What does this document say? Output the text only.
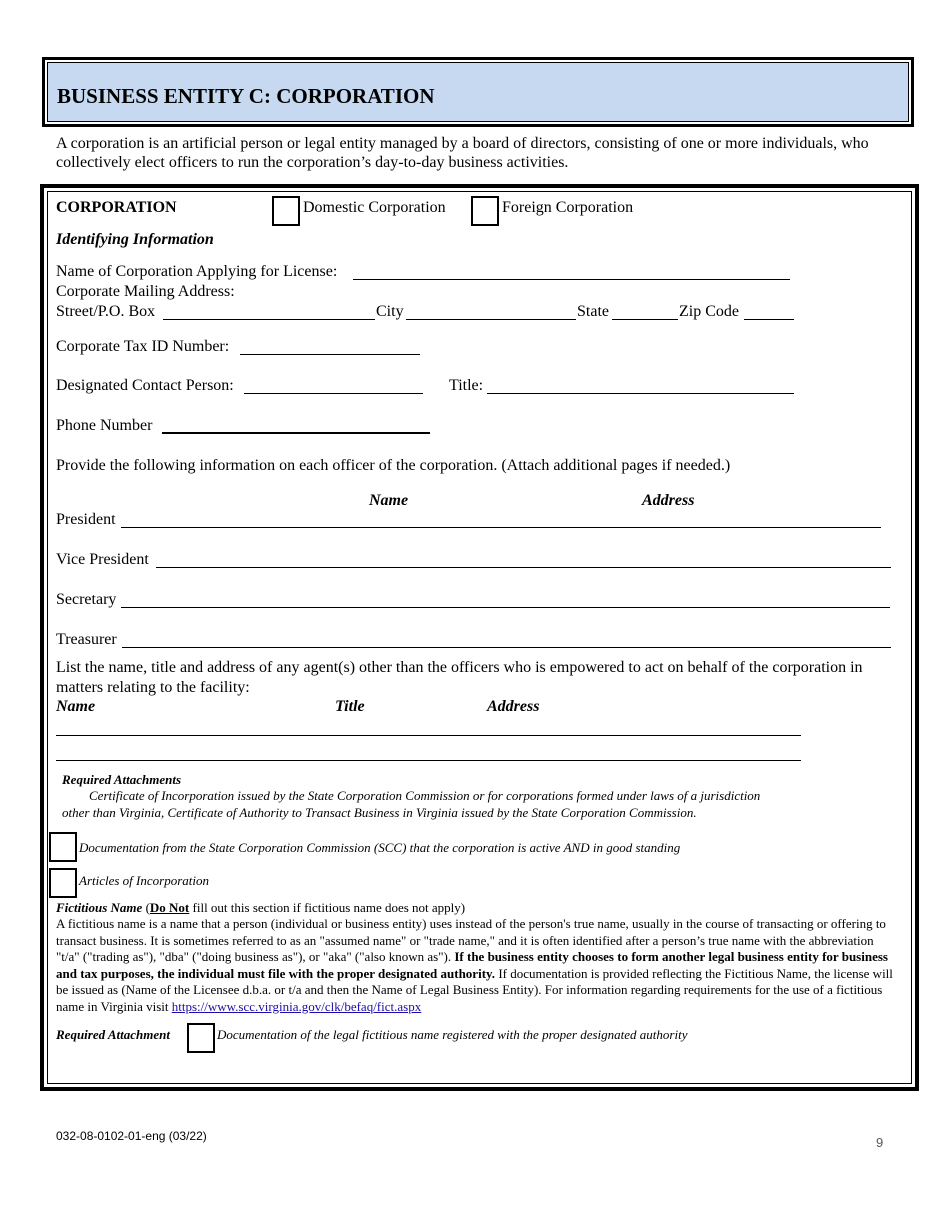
BUSINESS ENTITY C: CORPORATION
A corporation is an artificial person or legal entity managed by a board of directors, consisting of one or more individuals, who collectively elect officers to run the corporation’s day-to-day business activities.
CORPORATION	Domestic Corporation	Foreign Corporation
Identifying Information
Name of Corporation Applying for License:
Corporate Mailing Address:
Street/P.O. Box	City	State	Zip Code
Corporate Tax ID Number:
Designated Contact Person:	Title:
Phone Number
Provide the following information on each officer of the corporation. (Attach additional pages if needed.)
Name	Address
President
Vice President
Secretary
Treasurer
List the name, title and address of any agent(s) other than the officers who is empowered to act on behalf of the corporation in matters relating to the facility:
Name	Title	Address
Required Attachments
Certificate of Incorporation issued by the State Corporation Commission or for corporations formed under laws of a jurisdiction
other than Virginia, Certificate of Authority to Transact Business in Virginia issued by the State Corporation Commission.
Documentation from the State Corporation Commission (SCC) that the corporation is active AND in good standing
Articles of Incorporation
Fictitious Name (Do Not fill out this section if fictitious name does not apply)
A fictitious name is a name that a person (individual or business entity) uses instead of the person's true name, usually in the course of transacting or offering to transact business. It is sometimes referred to as an "assumed name" or "trade name," and it is often identified after a person’s true name with the abbreviation "t/a" ("trading as"), "dba" ("doing business as"), or "aka" ("also known as"). If the business entity chooses to form another legal business entity for business and tax purposes, the individual must file with the proper designated authority. If documentation is provided reflecting the Fictitious Name, the license will be issued as (Name of the Licensee d.b.a. or t/a and then the Name of Legal Business Entity). For information regarding requirements for the use of a fictitious name in Virginia visit https://www.scc.virginia.gov/clk/befaq/fict.aspx
Required Attachment	Documentation of the legal fictitious name registered with the proper designated authority
032-08-0102-01-eng (03/22)	9
